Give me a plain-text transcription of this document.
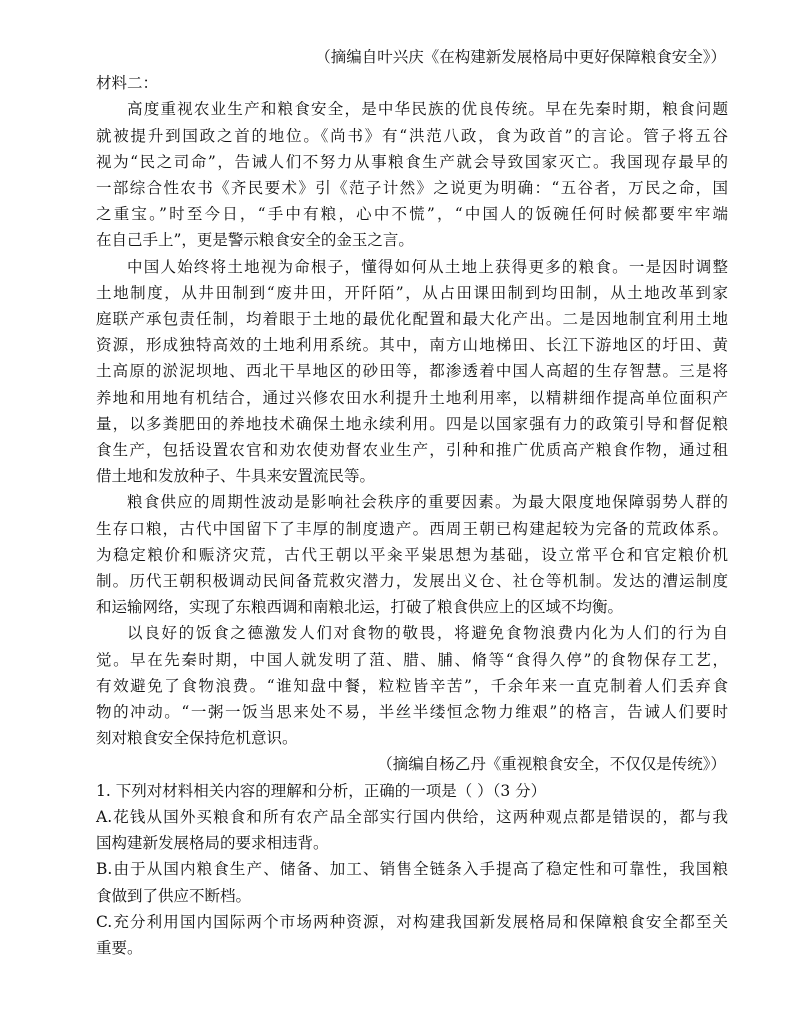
（摘编自叶兴庆《在构建新发展格局中更好保障粮食安全》）
材料二：
高度重视农业生产和粮食安全，是中华民族的优良传统。早在先秦时期，粮食问题
就被提升到国政之首的地位。《尚书》有“洪范八政，食为政首”的言论。管子将五谷
视为“民之司命”，告诫人们不努力从事粮食生产就会导致国家灭亡。我国现存最早的
一部综合性农书《齐民要术》引《范子计然》之说更为明确：“五谷者，万民之命，国
之重宝。”时至今日，“手中有粮，心中不慌”，“中国人的饭碗任何时候都要牢牢端
在自己手上”，更是警示粮食安全的金玉之言。
中国人始终将土地视为命根子，懂得如何从土地上获得更多的粮食。一是因时调整
土地制度，从井田制到“废井田，开阡陌”，从占田课田制到均田制，从土地改革到家
庭联产承包责任制，均着眼于土地的最优化配置和最大化产出。二是因地制宜利用土地
资源，形成独特高效的土地利用系统。其中，南方山地梯田、长江下游地区的圩田、黄
土高原的淤泥坝地、西北干旱地区的砂田等，都渗透着中国人高超的生存智慧。三是将
养地和用地有机结合，通过兴修农田水利提升土地利用率，以精耕细作提高单位面积产
量，以多粪肥田的养地技术确保土地永续利用。四是以国家强有力的政策引导和督促粮
食生产，包括设置农官和劝农使劝督农业生产，引种和推广优质高产粮食作物，通过租
借土地和发放种子、牛具来安置流民等。
粮食供应的周期性波动是影响社会秩序的重要因素。为最大限度地保障弱势人群的
生存口粮，古代中国留下了丰厚的制度遗产。西周王朝已构建起较为完备的荒政体系。
为稳定粮价和赈济灾荒，古代王朝以平籴平粜思想为基础，设立常平仓和官定粮价机
制。历代王朝积极调动民间备荒救灾潜力，发展出义仓、社仓等机制。发达的漕运制度
和运输网络，实现了东粮西调和南粮北运，打破了粮食供应上的区域不均衡。
以良好的饭食之德激发人们对食物的敬畏，将避免食物浪费内化为人们的行为自
觉。早在先秦时期，中国人就发明了菹、腊、脯、脩等“食得久停”的食物保存工艺，
有效避免了食物浪费。“谁知盘中餐，粒粒皆辛苦”，千余年来一直克制着人们丢弃食
物的冲动。“一粥一饭当思来处不易，半丝半缕恒念物力维艰”的格言，告诫人们要时
刻对粮食安全保持危机意识。
（摘编自杨乙丹《重视粮食安全，不仅仅是传统》）
1. 下列对材料相关内容的理解和分析，正确的一项是（ ）（3 分）
A.花钱从国外买粮食和所有农产品全部实行国内供给，这两种观点都是错误的，都与我
国构建新发展格局的要求相违背。
B.由于从国内粮食生产、储备、加工、销售全链条入手提高了稳定性和可靠性，我国粮
食做到了供应不断档。
C.充分利用国内国际两个市场两种资源，对构建我国新发展格局和保障粮食安全都至关
重要。
